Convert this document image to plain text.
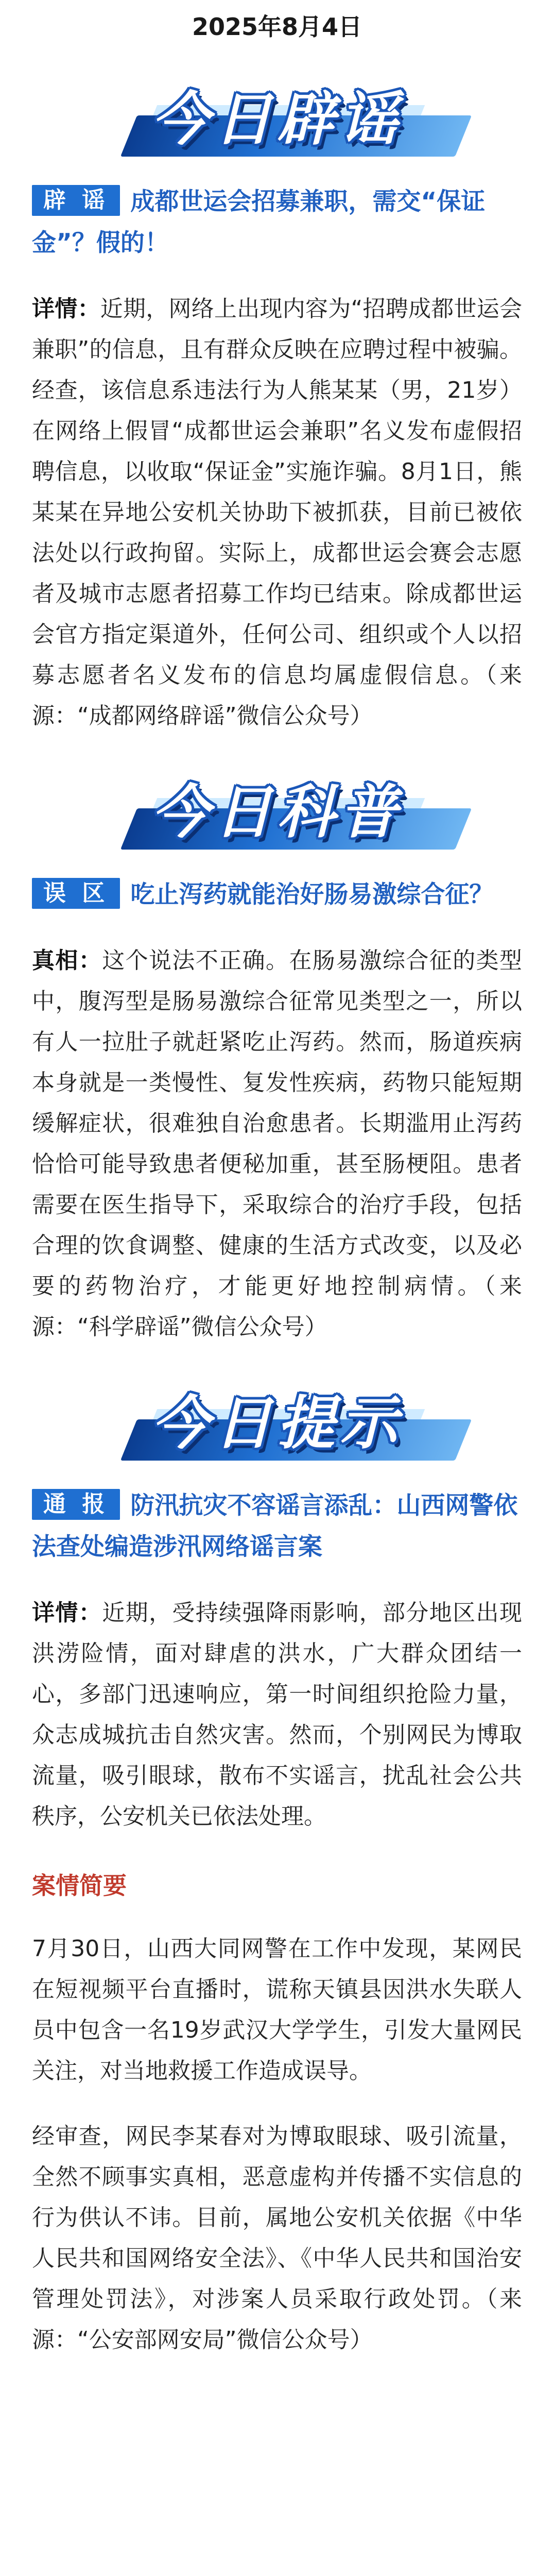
2025年8月4日
今日辟谣
辟 谣 成都世运会招募兼职，需交“保证金”？假的！
详情：近期，网络上出现内容为“招聘成都世运会兼职”的信息，且有群众反映在应聘过程中被骗。经查，该信息系违法行为人熊某某（男，21岁）在网络上假冒“成都世运会兼职”名义发布虚假招聘信息，以收取“保证金”实施诈骗。8月1日，熊某某在异地公安机关协助下被抓获，目前已被依法处以行政拘留。实际上，成都世运会赛会志愿者及城市志愿者招募工作均已结束。除成都世运会官方指定渠道外，任何公司、组织或个人以招募志愿者名义发布的信息均属虚假信息。（来源：“成都网络辟谣”微信公众号）
今日科普
误 区 吃止泻药就能治好肠易激综合征？
真相：这个说法不正确。在肠易激综合征的类型中，腹泻型是肠易激综合征常见类型之一，所以有人一拉肚子就赶紧吃止泻药。然而，肠道疾病本身就是一类慢性、复发性疾病，药物只能短期缓解症状，很难独自治愈患者。长期滥用止泻药恰恰可能导致患者便秘加重，甚至肠梗阻。患者需要在医生指导下，采取综合的治疗手段，包括合理的饮食调整、健康的生活方式改变，以及必要的药物治疗，才能更好地控制病情。（来源：“科学辟谣”微信公众号）
今日提示
通 报 防汛抗灾不容谣言添乱：山西网警依法查处编造涉汛网络谣言案
详情：近期，受持续强降雨影响，部分地区出现洪涝险情，面对肆虐的洪水，广大群众团结一心，多部门迅速响应，第一时间组织抢险力量，众志成城抗击自然灾害。然而，个别网民为博取流量，吸引眼球，散布不实谣言，扰乱社会公共秩序，公安机关已依法处理。
案情简要
7月30日，山西大同网警在工作中发现，某网民在短视频平台直播时，谎称天镇县因洪水失联人员中包含一名19岁武汉大学学生，引发大量网民关注，对当地救援工作造成误导。
经审查，网民李某春对为博取眼球、吸引流量，全然不顾事实真相，恶意虚构并传播不实信息的行为供认不讳。目前，属地公安机关依据《中华人民共和国网络安全法》、《中华人民共和国治安管理处罚法》，对涉案人员采取行政处罚。（来源：“公安部网安局”微信公众号）
